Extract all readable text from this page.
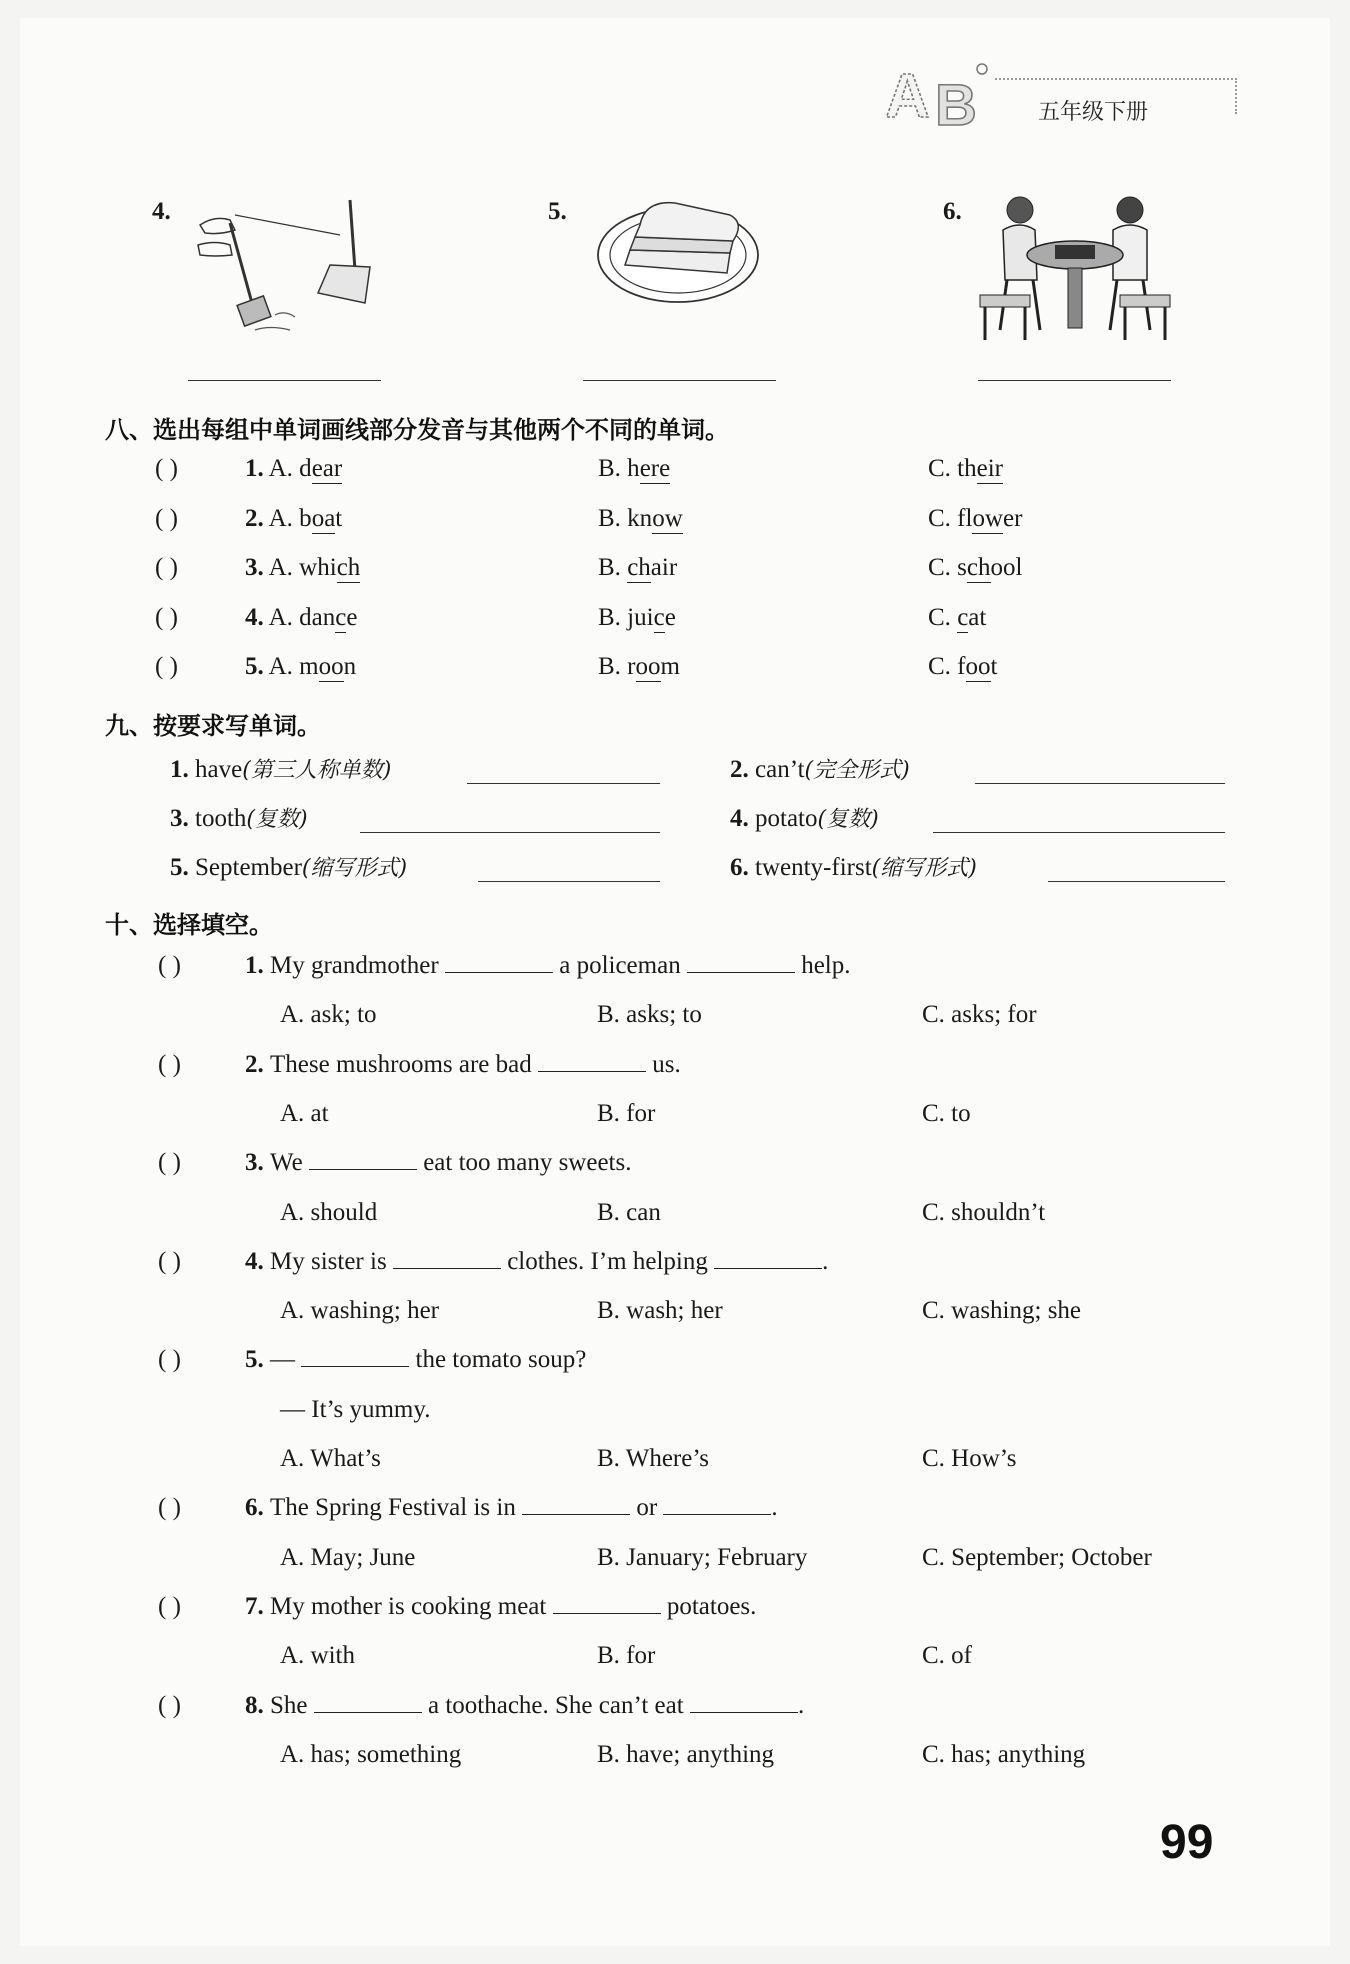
A B	五年级下册
4.	5.	6.
八、选出每组中单词画线部分发音与其他两个不同的单词。
九、按要求写单词。
十、选择填空。
99
( )	1. A. dear	B. here	C. their
( )	2. A. boat	B. know	C. flower
( )	3. A. which	B. chair	C. school
( )	4. A. dance	B. juice	C. cat
( )	5. A. moon	B. room	C. foot
1. have(第三人称单数)	2. can’t(完全形式)
3. tooth(复数)	4. potato(复数)
5. September(缩写形式)	6. twenty-first(缩写形式)
( )	1. My grandmother	a policeman	help.
A. ask; to	B. asks; to	C. asks; for
( )	2. These mushrooms are bad	us.
A. at	B. for	C. to
( )	3. We	eat too many sweets.
A. should	B. can	C. shouldn’t
( )	4. My sister is	clothes. I’m helping	.
A. washing; her	B. wash; her	C. washing; she
( )	5. —	the tomato soup?
— It’s yummy.
A. What’s	B. Where’s	C. How’s
( )	6. The Spring Festival is in	or	.
A. May; June	B. January; February	C. September; October
( )	7. My mother is cooking meat	potatoes.
A. with	B. for	C. of
( )	8. She	a toothache. She can’t eat	.
A. has; something	B. have; anything	C. has; anything
